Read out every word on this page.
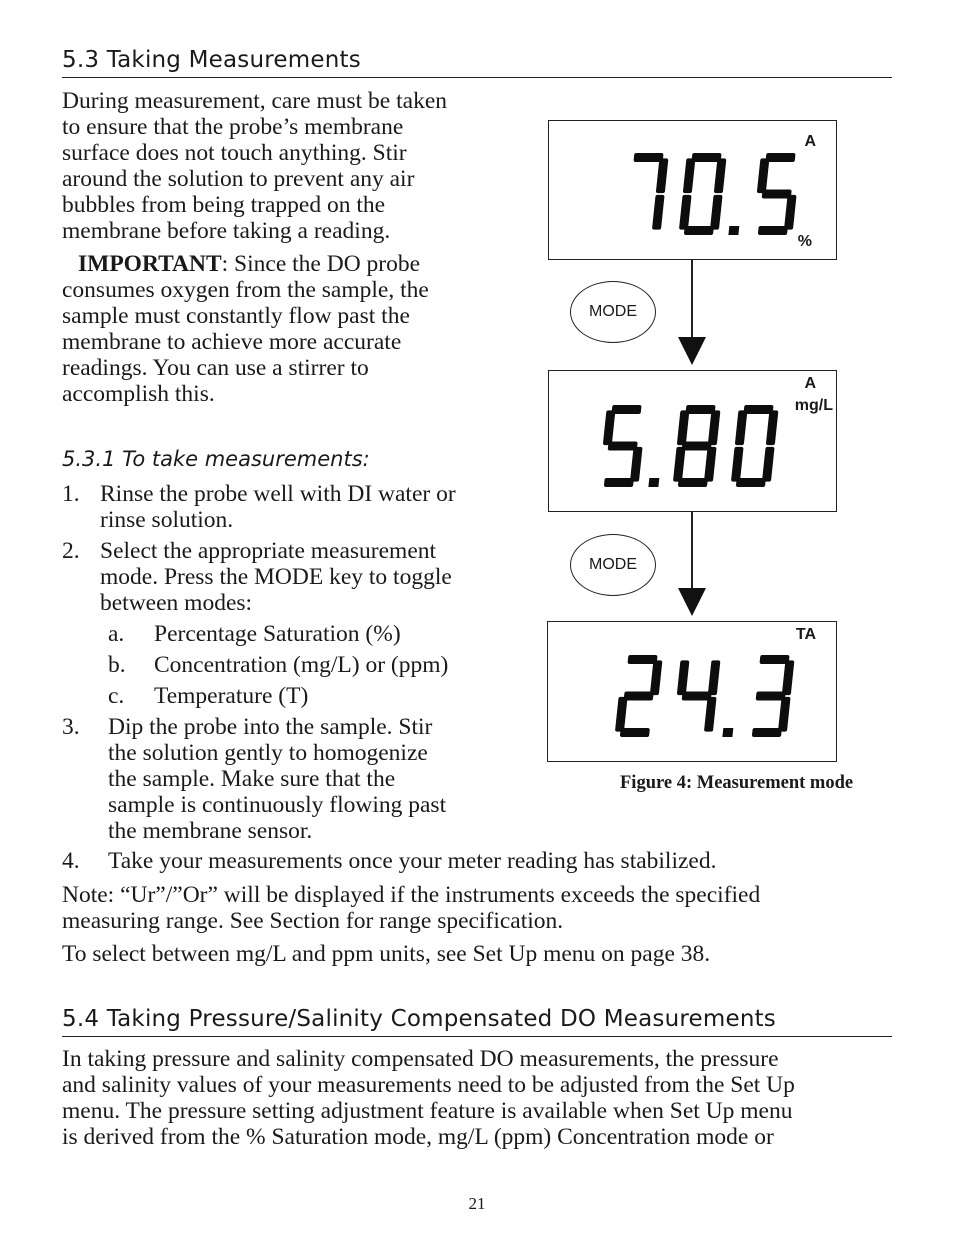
5.3 Taking Measurements
During measurement, care must be taken
to ensure that the probe’s membrane
surface does not touch anything. Stir
around the solution to prevent any air
bubbles from being trapped on the
membrane before taking a reading.
IMPORTANT: Since the DO probe
consumes oxygen from the sample, the
sample must constantly flow past the
membrane to achieve more accurate
readings. You can use a stirrer to
accomplish this.
5.3.1 To take measurements:
1. Rinse the probe well with DI water or
rinse solution.
2. Select the appropriate measurement
mode. Press the MODE key to toggle
between modes:
a. Percentage Saturation (%)
b. Concentration (mg/L) or (ppm)
c. Temperature (T)
3. Dip the probe into the sample. Stir
the solution gently to homogenize
the sample. Make sure that the
sample is continuously flowing past
the membrane sensor.
4. Take your measurements once your meter reading has stabilized.
Note: “Ur”/”Or” will be displayed if the instruments exceeds the specified
measuring range. See Section for range specification.
To select between mg/L and ppm units, see Set Up menu on page 38.
5.4 Taking Pressure/Salinity Compensated DO Measurements
In taking pressure and salinity compensated DO measurements, the pressure
and salinity values of your measurements need to be adjusted from the Set Up
menu. The pressure setting adjustment feature is available when Set Up menu
is derived from the % Saturation mode, mg/L (ppm) Concentration mode or
21
A
%
MODE
A
mg/L
MODE
TA
Figure 4: Measurement mode
